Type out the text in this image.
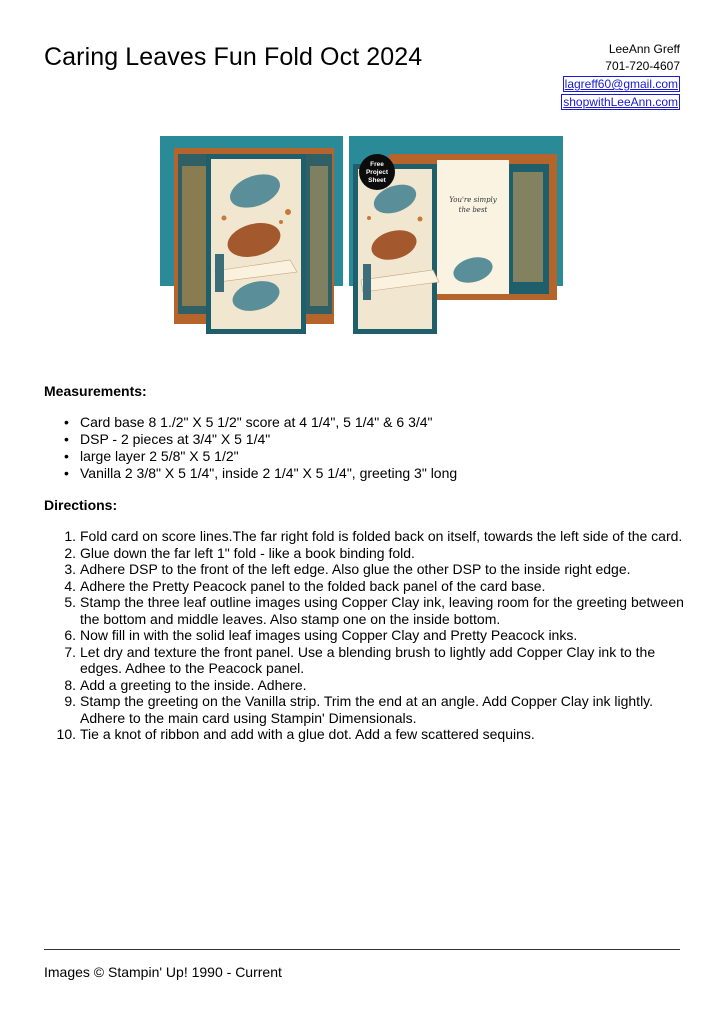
Caring Leaves Fun Fold Oct 2024	LeeAnn Greff
701-720-4607
lagreff60@gmail.com
shopwithLeeAnn.com
Free
Project
Sheet
You're simply
the best
Measurements:
• Card base 8 1./2" X 5 1/2" score at 4 1/4", 5 1/4" & 6 3/4"
• DSP - 2 pieces at 3/4" X 5 1/4"
• large layer 2 5/8" X 5 1/2"
• Vanilla 2 3/8" X 5 1/4", inside 2 1/4" X 5 1/4", greeting 3" long
Directions:
1. Fold card on score lines.The far right fold is folded back on itself, towards the left side of the card.
2. Glue down the far left 1" fold - like a book binding fold.
3. Adhere DSP to the front of the left edge. Also glue the other DSP to the inside right edge.
4. Adhere the Pretty Peacock panel to the folded back panel of the card base.
5. Stamp the three leaf outline images using Copper Clay ink, leaving room for the greeting between the bottom and middle leaves. Also stamp one on the inside bottom.
6. Now fill in with the solid leaf images using Copper Clay and Pretty Peacock inks.
7. Let dry and texture the front panel. Use a blending brush to lightly add Copper Clay ink to the edges. Adhee to the Peacock panel.
8. Add a greeting to the inside. Adhere.
9. Stamp the greeting on the Vanilla strip. Trim the end at an angle. Add Copper Clay ink lightly. Adhere to the main card using Stampin' Dimensionals.
10. Tie a knot of ribbon and add with a glue dot. Add a few scattered sequins.
Images © Stampin' Up! 1990 - Current
